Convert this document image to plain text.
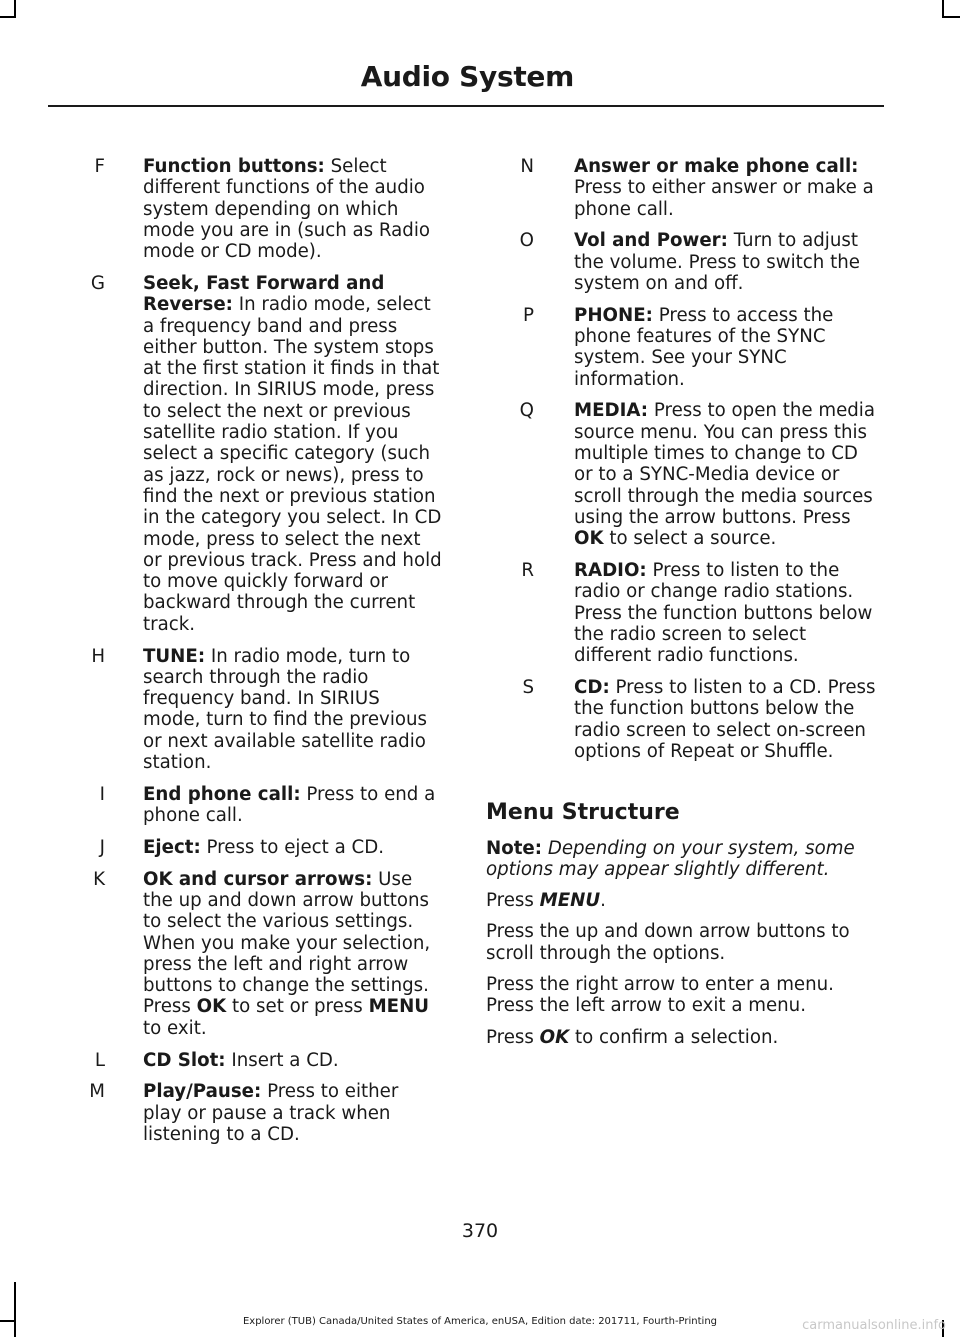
Audio System
F	Function buttons: Select different functions of the audio system depending on which mode you are in (such as Radio mode or CD mode).
G	Seek, Fast Forward and Reverse: In radio mode, select a frequency band and press either button. The system stops at the first station it finds in that direction. In SIRIUS mode, press to select the next or previous satellite radio station. If you select a specific category (such as jazz, rock or news), press to find the next or previous station in the category you select. In CD mode, press to select the next or previous track. Press and hold to move quickly forward or backward through the current track.
H	TUNE: In radio mode, turn to search through the radio frequency band. In SIRIUS mode, turn to find the previous or next available satellite radio station.
I	End phone call: Press to end a phone call.
J	Eject: Press to eject a CD.
K	OK and cursor arrows: Use the up and down arrow buttons to select the various settings. When you make your selection, press the left and right arrow buttons to change the settings. Press OK to set or press MENU to exit.
L	CD Slot: Insert a CD.
M	Play/Pause: Press to either play or pause a track when listening to a CD.
N	Answer or make phone call: Press to either answer or make a phone call.
O	Vol and Power: Turn to adjust the volume. Press to switch the system on and off.
P	PHONE: Press to access the phone features of the SYNC system. See your SYNC information.
Q	MEDIA: Press to open the media source menu. You can press this multiple times to change to CD or to a SYNC-Media device or scroll through the media sources using the arrow buttons. Press OK to select a source.
R	RADIO: Press to listen to the radio or change radio stations. Press the function buttons below the radio screen to select different radio functions.
S	CD: Press to listen to a CD. Press the function buttons below the radio screen to select on-screen options of Repeat or Shuffle.
Menu Structure
Note: Depending on your system, some options may appear slightly different.
Press MENU.
Press the up and down arrow buttons to scroll through the options.
Press the right arrow to enter a menu. Press the left arrow to exit a menu.
Press OK to confirm a selection.
370
Explorer (TUB) Canada/United States of America, enUSA, Edition date: 201711, Fourth-Printing	carmanualsonline.info
